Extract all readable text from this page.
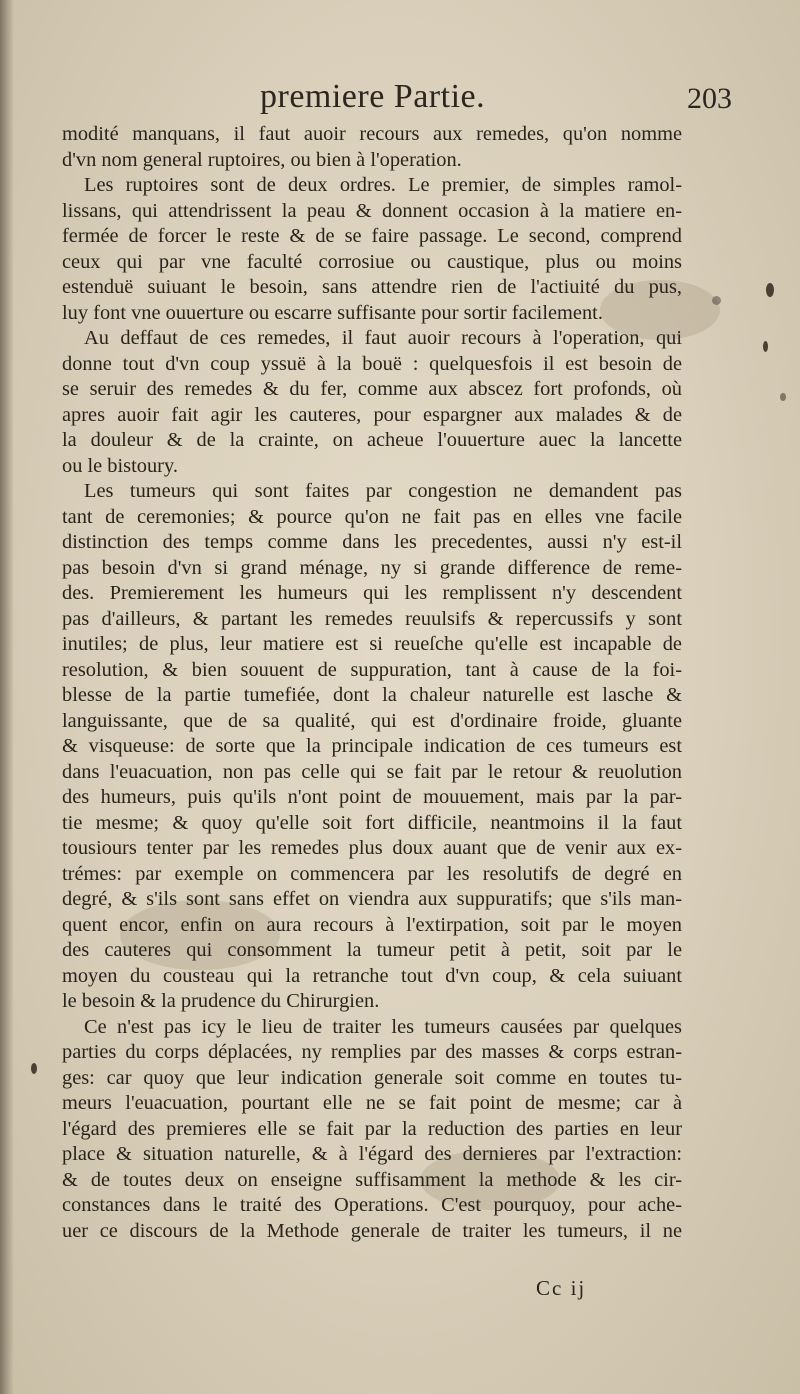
premiere Partie.	203
modité manquans, il faut auoir recours aux remedes, qu'on nomme
d'vn nom general ruptoires, ou bien à l'operation.
Les ruptoires sont de deux ordres. Le premier, de simples ramol-
lissans, qui attendrissent la peau & donnent occasion à la matiere en-
fermée de forcer le reste & de se faire passage. Le second, comprend
ceux qui par vne faculté corrosiue ou caustique, plus ou moins
estenduë suiuant le besoin, sans attendre rien de l'actiuité du pus,
luy font vne ouuerture ou escarre suffisante pour sortir facilement.
Au deffaut de ces remedes, il faut auoir recours à l'operation, qui
donne tout d'vn coup yssuë à la bouë : quelquesfois il est besoin de
se seruir des remedes & du fer, comme aux abscez fort profonds, où
apres auoir fait agir les cauteres, pour espargner aux malades & de
la douleur & de la crainte, on acheue l'ouuerture auec la lancette
ou le bistoury.
Les tumeurs qui sont faites par congestion ne demandent pas
tant de ceremonies; & pource qu'on ne fait pas en elles vne facile
distinction des temps comme dans les precedentes, aussi n'y est-il
pas besoin d'vn si grand ménage, ny si grande difference de reme-
des. Premierement les humeurs qui les remplissent n'y descendent
pas d'ailleurs, & partant les remedes reuulsifs & repercussifs y sont
inutiles; de plus, leur matiere est si reueſche qu'elle est incapable de
resolution, & bien souuent de suppuration, tant à cause de la foi-
blesse de la partie tumefiée, dont la chaleur naturelle est lasche &
languissante, que de sa qualité, qui est d'ordinaire froide, gluante
& visqueuse: de sorte que la principale indication de ces tumeurs est
dans l'euacuation, non pas celle qui se fait par le retour & reuolution
des humeurs, puis qu'ils n'ont point de mouuement, mais par la par-
tie mesme; & quoy qu'elle soit fort difficile, neantmoins il la faut
tousiours tenter par les remedes plus doux auant que de venir aux ex-
trémes: par exemple on commencera par les resolutifs de degré en
degré, & s'ils sont sans effet on viendra aux suppuratifs; que s'ils man-
quent encor, enfin on aura recours à l'extirpation, soit par le moyen
des cauteres qui consomment la tumeur petit à petit, soit par le
moyen du cousteau qui la retranche tout d'vn coup, & cela suiuant
le besoin & la prudence du Chirurgien.
Ce n'est pas icy le lieu de traiter les tumeurs causées par quelques
parties du corps déplacées, ny remplies par des masses & corps estran-
ges: car quoy que leur indication generale soit comme en toutes tu-
meurs l'euacuation, pourtant elle ne se fait point de mesme; car à
l'égard des premieres elle se fait par la reduction des parties en leur
place & situation naturelle, & à l'égard des dernieres par l'extraction:
& de toutes deux on enseigne suffisamment la methode & les cir-
constances dans le traité des Operations. C'est pourquoy, pour ache-
uer ce discours de la Methode generale de traiter les tumeurs, il ne
Cc ij
